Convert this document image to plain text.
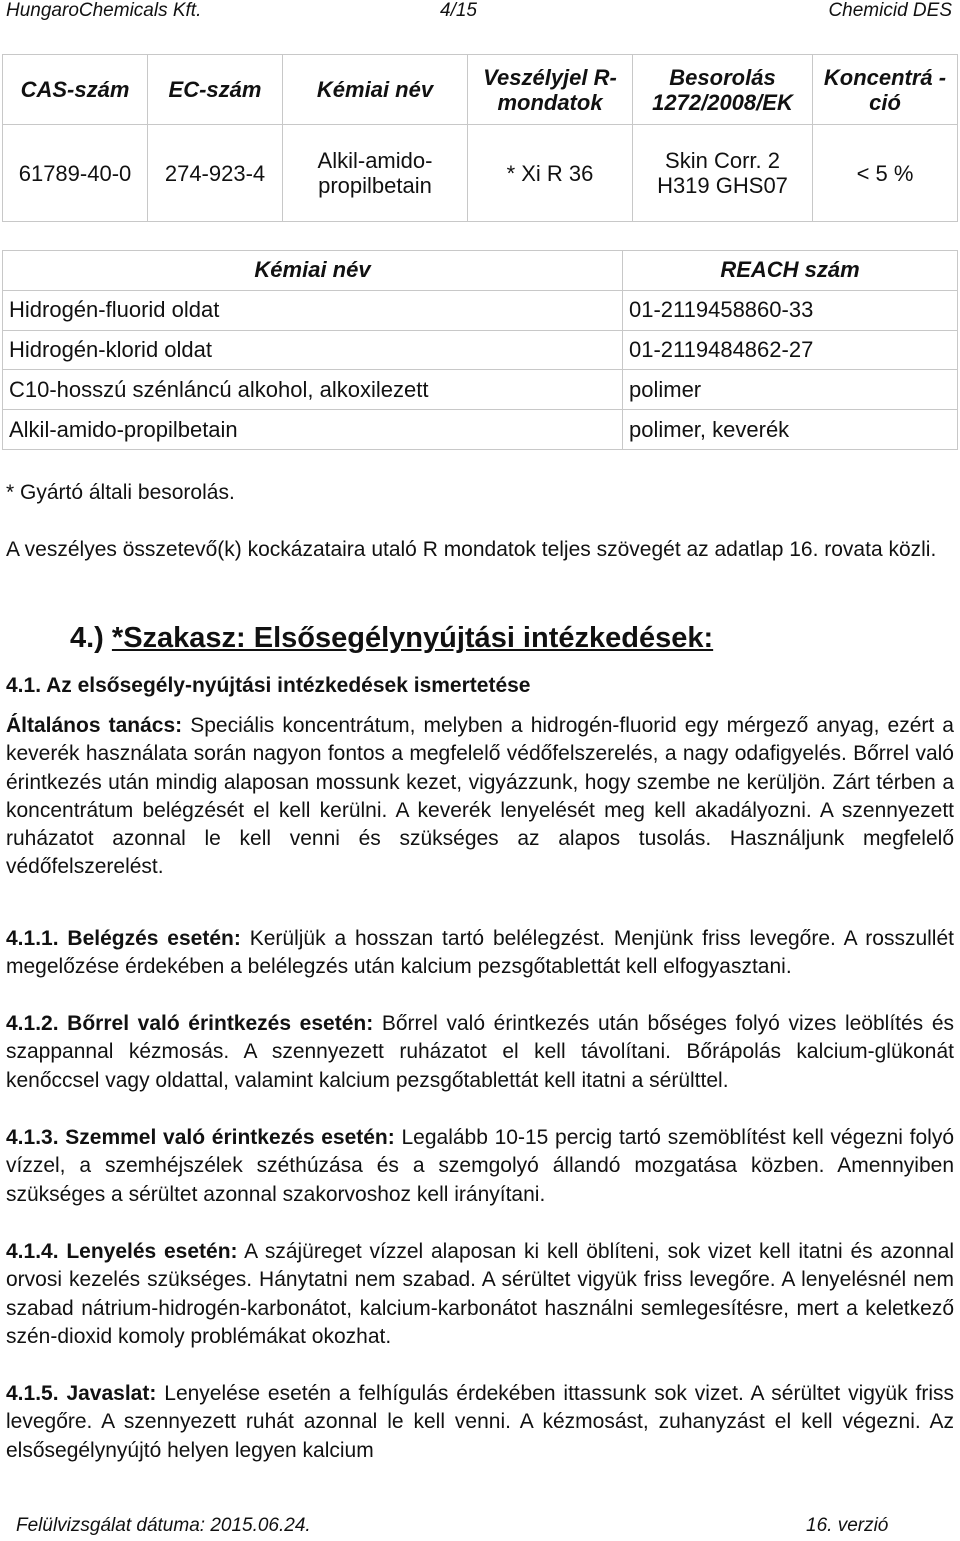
HungaroChemicals Kft.	4/15	Chemicid DES
CAS-szám	EC-szám	Kémiai név	Veszélyjel R-mondatok	Besorolás 1272/2008/EK	Koncentrá -ció
61789-40-0	274-923-4	Alkil-amido-propilbetain	* Xi R 36	Skin Corr. 2 H319 GHS07	< 5 %
Kémiai név	REACH szám
Hidrogén-fluorid oldat	01-2119458860-33
Hidrogén-klorid oldat	01-2119484862-27
C10-hosszú szénláncú alkohol, alkoxilezett	polimer
Alkil-amido-propilbetain	polimer, keverék

* Gyártó általi besorolás.

A veszélyes összetevő(k) kockázataira utaló R mondatok teljes szövegét az adatlap 16. rovata közli.

4.) *Szakasz: Elsősegélynyújtási intézkedések:
4.1. Az elsősegély-nyújtási intézkedések ismertetése

Általános tanács: Speciális koncentrátum, melyben a hidrogén-fluorid egy mérgező anyag, ezért a keverék használata során nagyon fontos a megfelelő védőfelszerelés, a nagy odafigyelés. Bőrrel való érintkezés után mindig alaposan mossunk kezet, vigyázzunk, hogy szembe ne kerüljön. Zárt térben a koncentrátum belégzését el kell kerülni. A keverék lenyelését meg kell akadályozni. A szennyezett ruházatot azonnal le kell venni és szükséges az alapos tusolás. Használjunk megfelelő védőfelszerelést.

4.1.1. Belégzés esetén: Kerüljük a hosszan tartó belélegzést. Menjünk friss levegőre. A rosszullét megelőzése érdekében a belélegzés után kalcium pezsgőtablettát kell elfogyasztani.

4.1.2. Bőrrel való érintkezés esetén: Bőrrel való érintkezés után bőséges folyó vizes leöblítés és szappannal kézmosás. A szennyezett ruházatot el kell távolítani. Bőrápolás kalcium-glükonát kenőccsel vagy oldattal, valamint kalcium pezsgőtablettát kell itatni a sérülttel.

4.1.3. Szemmel való érintkezés esetén: Legalább 10-15 percig tartó szemöblítést kell végezni folyó vízzel, a szemhéjszélek széthúzása és a szemgolyó állandó mozgatása közben. Amennyiben szükséges a sérültet azonnal szakorvoshoz kell irányítani.

4.1.4. Lenyelés esetén: A szájüreget vízzel alaposan ki kell öblíteni, sok vizet kell itatni és azonnal orvosi kezelés szükséges. Hánytatni nem szabad. A sérültet vigyük friss levegőre. A lenyelésnél nem szabad nátrium-hidrogén-karbonátot, kalcium-karbonátot használni semlegesítésre, mert a keletkező szén-dioxid komoly problémákat okozhat.

4.1.5. Javaslat: Lenyelése esetén a felhígulás érdekében ittassunk sok vizet. A sérültet vigyük friss levegőre. A szennyezett ruhát azonnal le kell venni. A kézmosást, zuhanyzást el kell végezni. Az elsősegélynyújtó helyen legyen kalcium

Felülvizsgálat dátuma: 2015.06.24.	16. verzió
